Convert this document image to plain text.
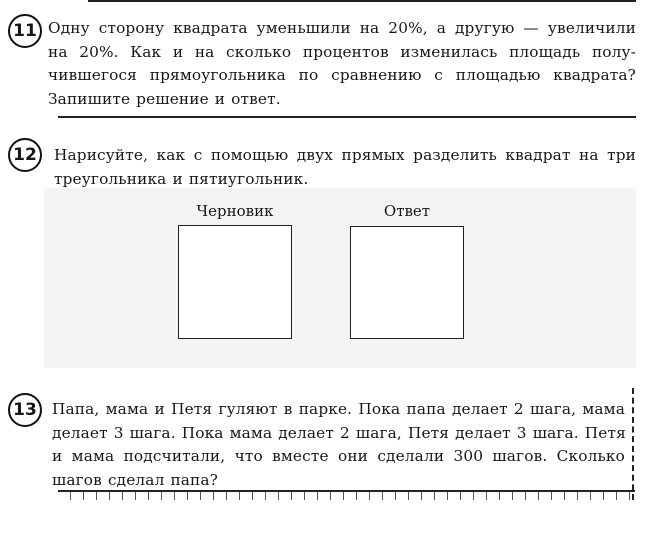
11 Одну сторону квадрата уменьшили на 20%, а другую — увеличили
на 20%. Как и на сколько процентов изменилась площадь полу-
чившегося прямоугольника по сравнению с площадью квадрата?
Запишите решение и ответ.
12	Нарисуйте, как с помощью двух прямых разделить квадрат на три
треугольника и пятиугольник.
Черновик	Ответ
13 Папа, мама и Петя гуляют в парке. Пока папа делает 2 шага, мама
делает 3 шага. Пока мама делает 2 шага, Петя делает 3 шага. Петя
и мама подсчитали, что вместе они сделали 300 шагов. Сколько
шагов сделал папа?
